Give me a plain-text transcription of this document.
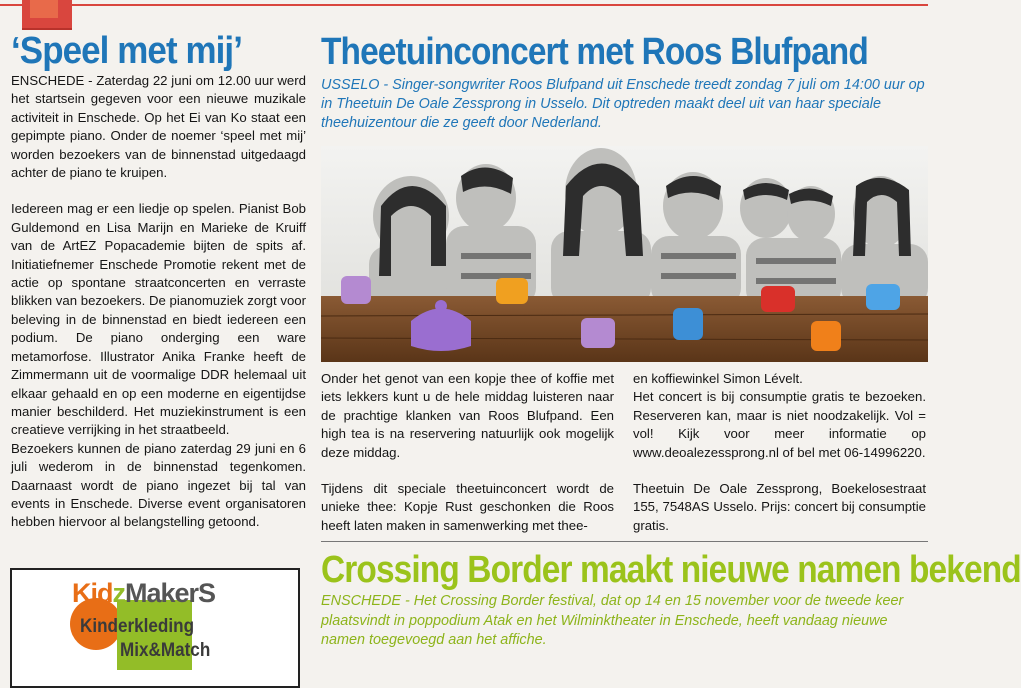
‘Speel met mij’

ENSCHEDE - Zaterdag 22 juni om 12.00 uur werd het startsein gegeven voor een nieuwe muzikale activiteit in Enschede. Op het Ei van Ko staat een gepimpte piano. Onder de noemer ‘speel met mij’ worden bezoekers van de binnenstad uitgedaagd achter de piano te kruipen.

Iedereen mag er een liedje op spelen. Pianist Bob Guldemond en Lisa Marijn en Marieke de Kruiff van de ArtEZ Popacademie bijten de spits af. Initiatiefnemer Enschede Promotie rekent met de actie op spontane straatconcerten en verraste blikken van bezoekers. De pianomuziek zorgt voor beleving in de binnenstad en biedt iedereen een podium. De piano onderging een ware metamorfose. Illustrator Anika Franke heeft de Zimmermann uit de voormalige DDR helemaal uit elkaar gehaald en op een moderne en eigentijdse manier beschilderd. Het muziekinstrument is een creatieve verrijking in het straatbeeld.

Bezoekers kunnen de piano zaterdag 29 juni en 6 juli wederom in de binnenstad tegenkomen. Daarnaast wordt de piano ingezet bij tal van events in Enschede. Diverse event organisatoren hebben hiervoor al belangstelling getoond.

KidzMakerS
Kinderkleding
Mix&Match
Theetuinconcert met Roos Blufpand

USSELO - Singer-songwriter Roos Blufpand uit Enschede treedt zondag 7 juli om 14:00 uur op in Theetuin De Oale Zessprong in Usselo. Dit optreden maakt deel uit van haar speciale theehuizentour die ze geeft door Nederland.

Onder het genot van een kopje thee of koffie met iets lekkers kunt u de hele middag luisteren naar de prachtige klanken van Roos Blufpand. Een high tea is na reservering natuurlijk ook mogelijk deze middag.

Tijdens dit speciale theetuinconcert wordt de unieke thee: Kopje Rust geschonken die Roos heeft laten maken in samenwerking met thee-

en koffiewinkel Simon Lévelt.

Het concert is bij consumptie gratis te bezoeken. Reserveren kan, maar is niet noodzakelijk. Vol = vol! Kijk voor meer informatie op www.deoalezessprong.nl of bel met 06-14996220.

Theetuin De Oale Zessprong, Boekelosestraat 155, 7548AS Usselo. Prijs: concert bij consumptie gratis.

Crossing Border maakt nieuwe namen bekend

ENSCHEDE - Het Crossing Border festival, dat op 14 en 15 november voor de tweede keer plaatsvindt in poppodium Atak en het Wilminktheater in Enschede, heeft vandaag nieuwe namen toegevoegd aan het affiche.
